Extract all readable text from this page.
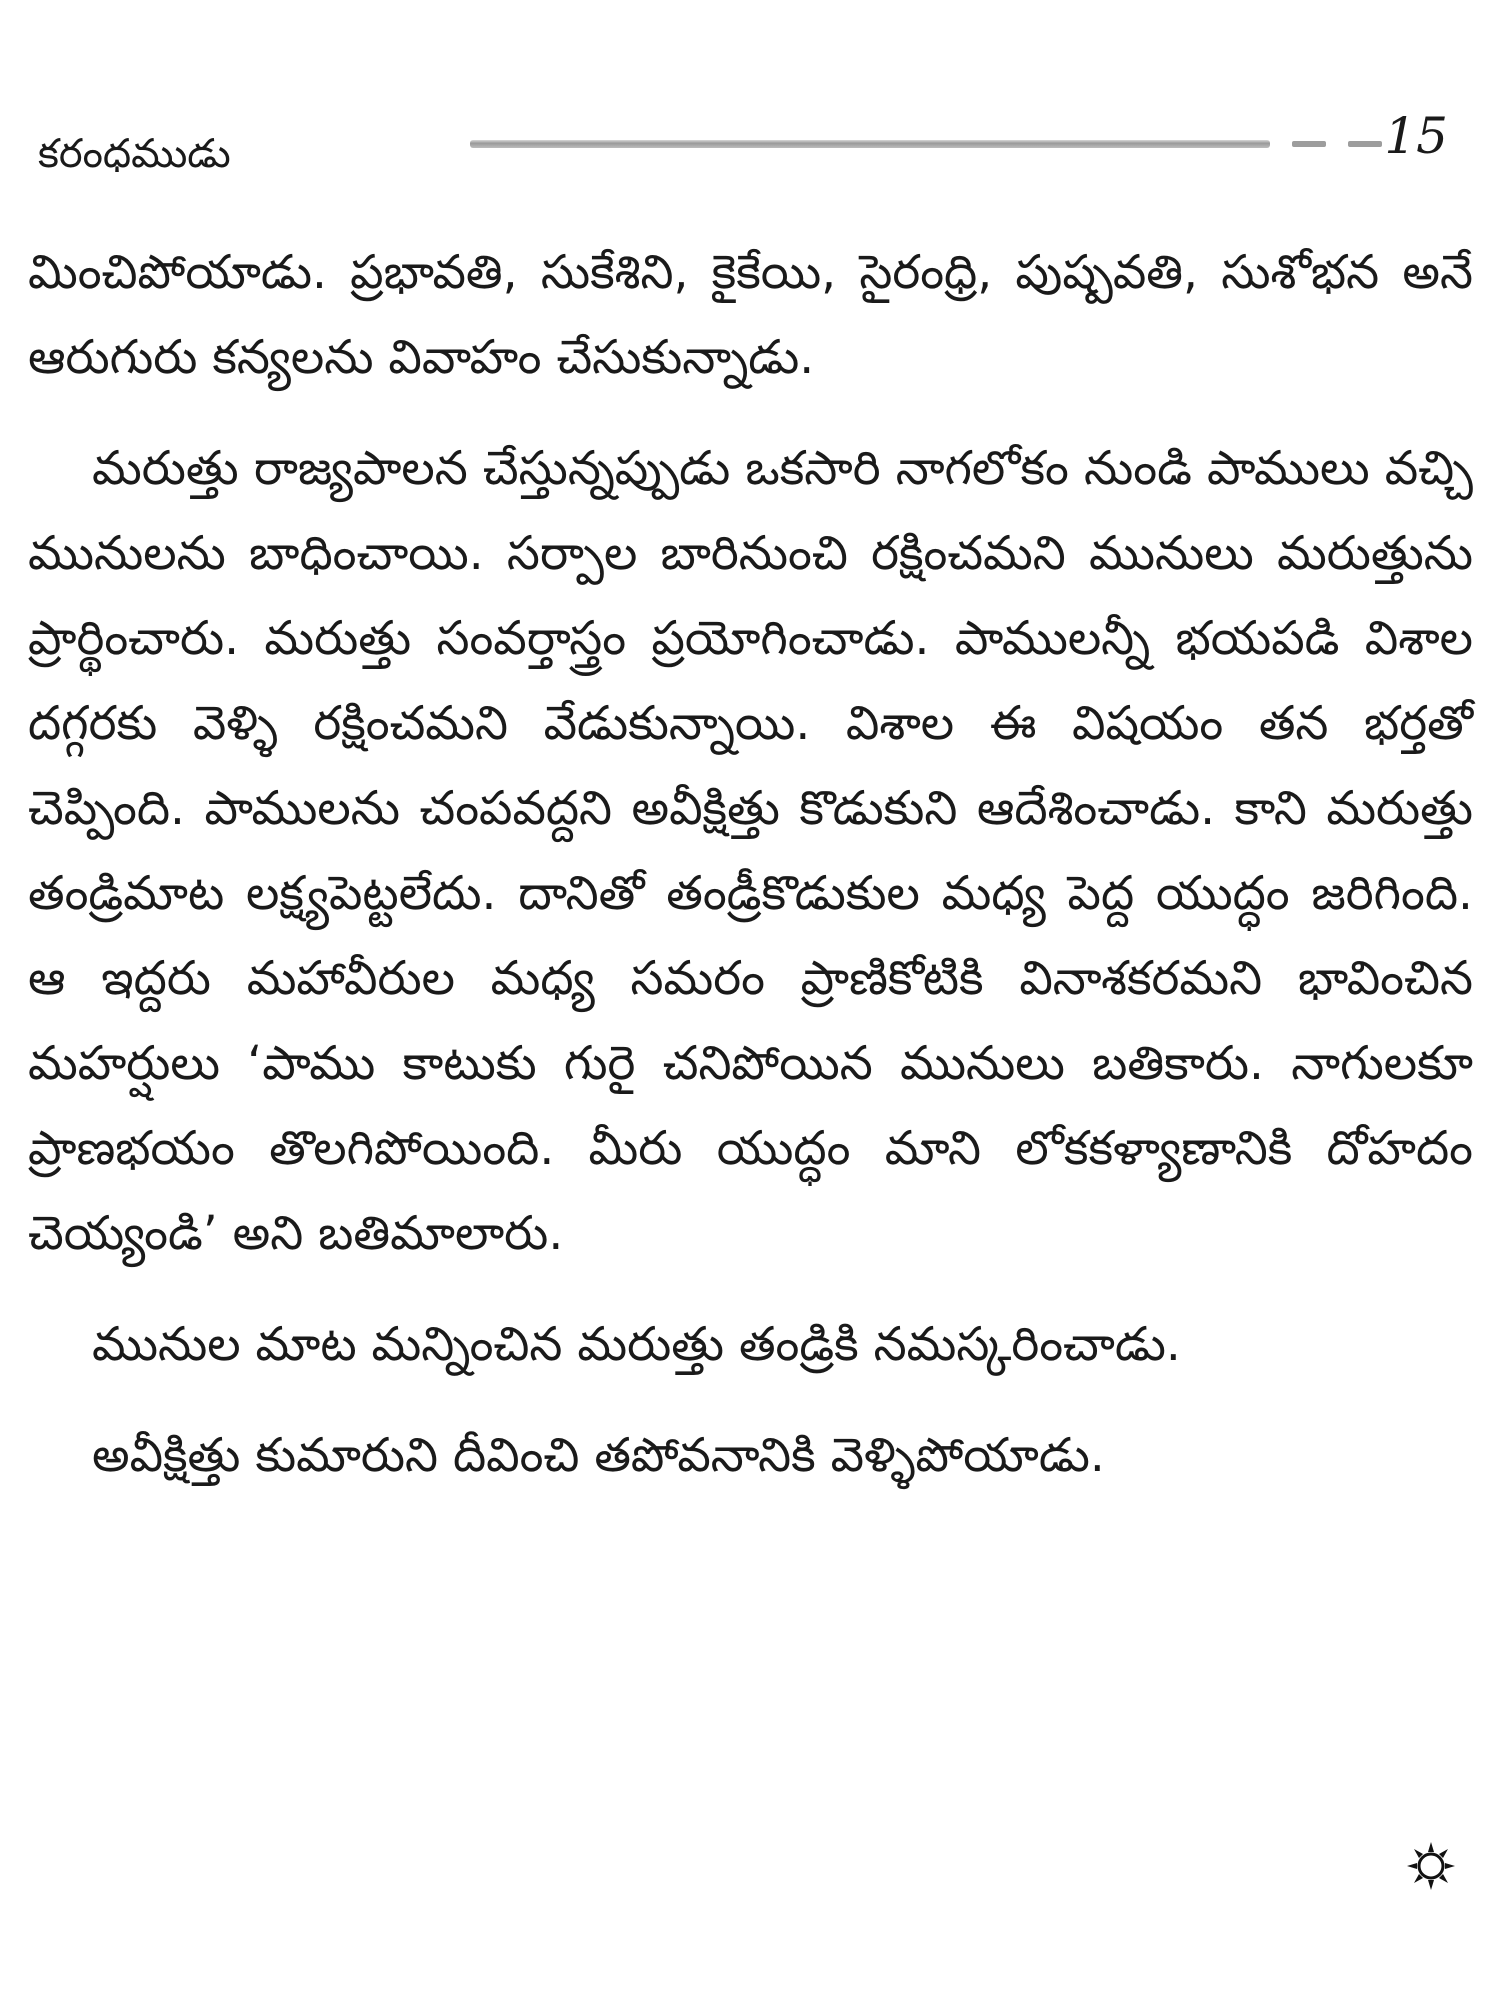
కరంధముడు	15

మించిపోయాడు. ప్రభావతి, సుకేశిని, కైకేయి, సైరంధ్రి, పుష్పవతి, సుశోభన అనే ఆరుగురు కన్యలను వివాహం చేసుకున్నాడు.

మరుత్తు రాజ్యపాలన చేస్తున్నప్పుడు ఒకసారి నాగలోకం నుండి పాములు వచ్చి మునులను బాధించాయి. సర్పాల బారినుంచి రక్షించమని మునులు మరుత్తును ప్రార్థించారు. మరుత్తు సంవర్తాస్త్రం ప్రయోగించాడు. పాములన్నీ భయపడి విశాల దగ్గరకు వెళ్ళి రక్షించమని వేడుకున్నాయి. విశాల ఈ విషయం తన భర్తతో చెప్పింది. పాములను చంపవద్దని అవీక్షిత్తు కొడుకుని ఆదేశించాడు. కాని మరుత్తు తండ్రిమాట లక్ష్యపెట్టలేదు. దానితో తండ్రీకొడుకుల మధ్య పెద్ద యుద్ధం జరిగింది. ఆ ఇద్దరు మహావీరుల మధ్య సమరం ప్రాణికోటికి వినాశకరమని భావించిన మహర్షులు ‘పాము కాటుకు గురై చనిపోయిన మునులు బతికారు. నాగులకూ ప్రాణభయం తొలగిపోయింది. మీరు యుద్ధం మాని లోకకళ్యాణానికి దోహదం చెయ్యండి’ అని బతిమాలారు.

మునుల మాట మన్నించిన మరుత్తు తండ్రికి నమస్కరించాడు.

అవీక్షిత్తు కుమారుని దీవించి తపోవనానికి వెళ్ళిపోయాడు.
